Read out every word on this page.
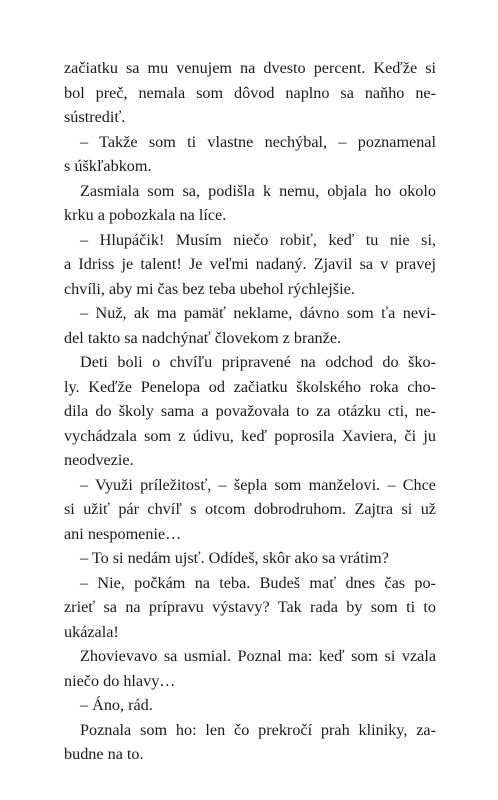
začiatku sa mu venujem na dvesto percent. Keďže si
bol preč, nemala som dôvod naplno sa naňho ne-
sústrediť.
– Takže som ti vlastne nechýbal, – poznamenal
s úškľabkom.
Zasmiala som sa, podišla k nemu, objala ho okolo
krku a pobozkala na líce.
– Hlupáčik! Musím niečo robiť, keď tu nie si,
a Idriss je talent! Je veľmi nadaný. Zjavil sa v pravej
chvíli, aby mi čas bez teba ubehol rýchlejšie.
– Nuž, ak ma pamäť neklame, dávno som ťa nevi-
del takto sa nadchýnať človekom z branže.
Deti boli o chvíľu pripravené na odchod do ško-
ly. Keďže Penelopa od začiatku školského roka cho-
dila do školy sama a považovala to za otázku cti, ne-
vychádzala som z údivu, keď poprosila Xaviera, či ju
neodvezie.
– Využi príležitosť, – šepla som manželovi. – Chce
si užiť pár chvíľ s otcom dobrodruhom. Zajtra si už
ani nespomenie…
– To si nedám ujsť. Odídeš, skôr ako sa vrátim?
– Nie, počkám na teba. Budeš mať dnes čas po-
zrieť sa na prípravu výstavy? Tak rada by som ti to
ukázala!
Zhovievavo sa usmial. Poznal ma: keď som si vzala
niečo do hlavy…
– Áno, rád.
Poznala som ho: len čo prekročí prah kliniky, za-
budne na to.
